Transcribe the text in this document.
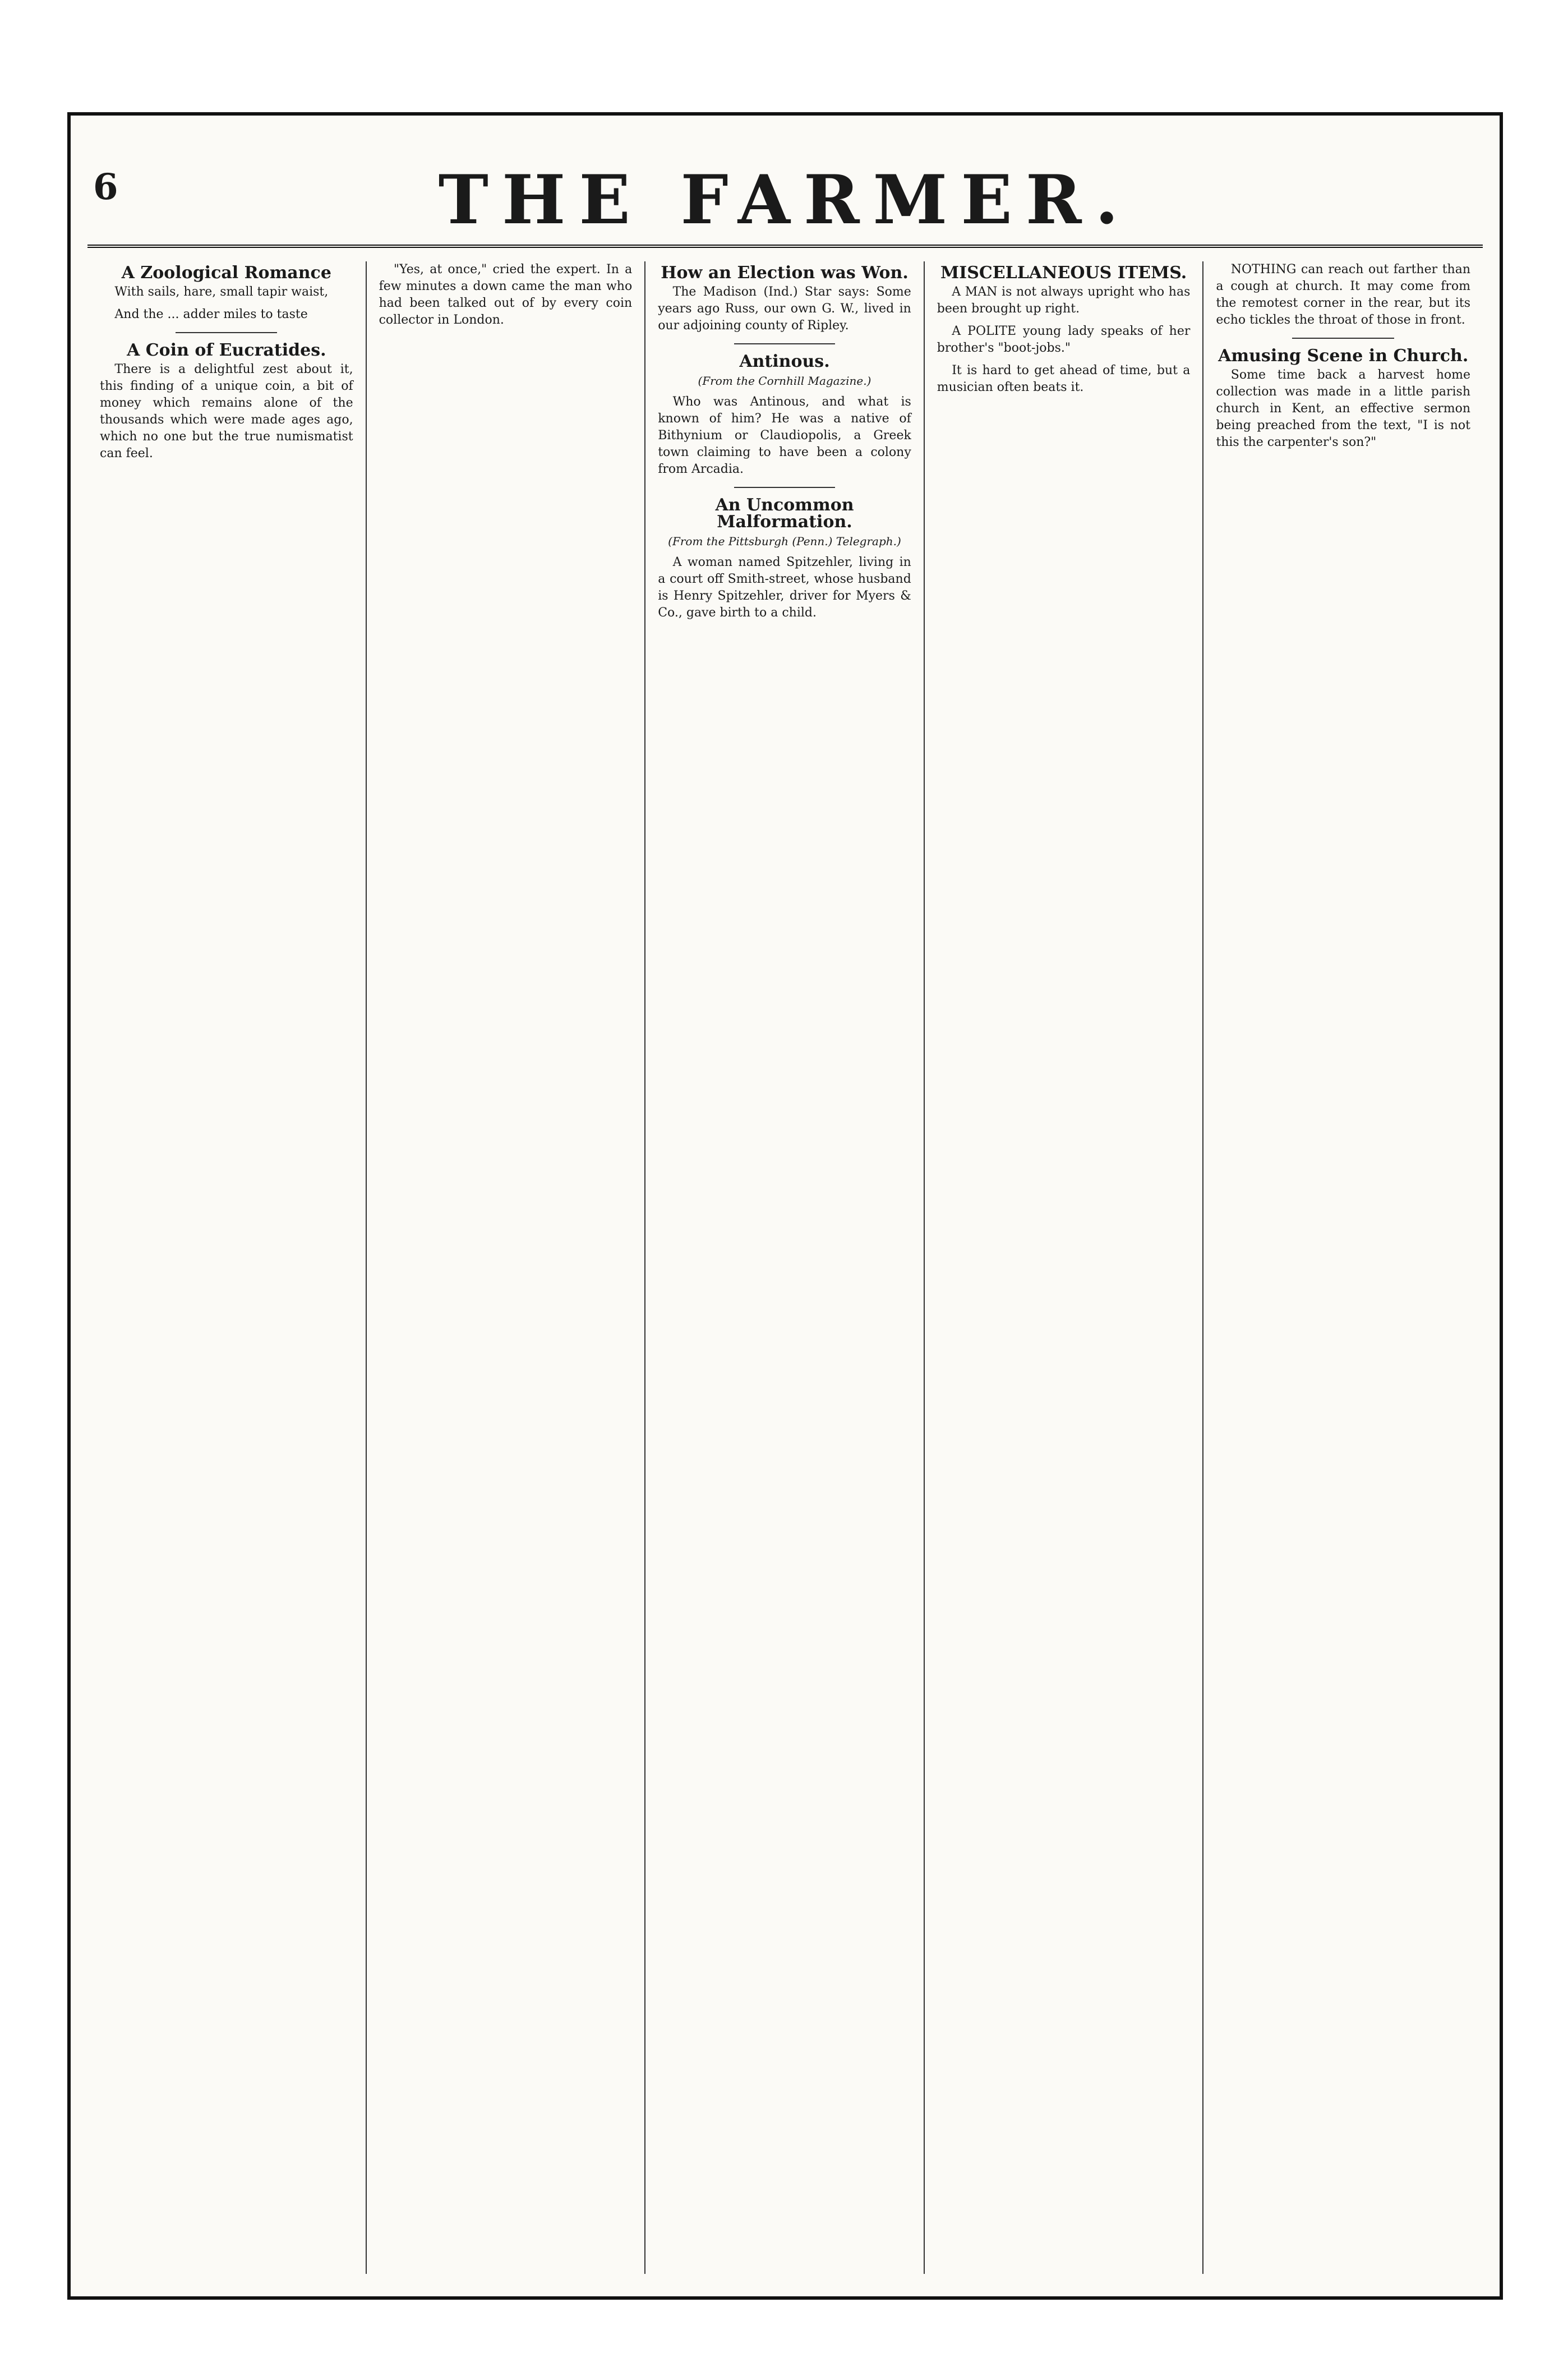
6	THE FARMER.
A Zoological Romance

With sails, hare, small tapir waist,

And the ... adder miles to taste

A Coin of Eucratides.

There is a delightful zest about it, this finding of a unique coin, a bit of money which remains alone of the thousands which were made ages ago, which no one but the true numismatist can feel.

"Yes, at once," cried the expert. In a few minutes a down came the man who had been talked out of by every coin collector in London.

How an Election was Won.

The Madison (Ind.) Star says: Some years ago Russ, our own G. W., lived in our adjoining county of Ripley.

Antinous.
(From the Cornhill Magazine.)

Who was Antinous, and what is known of him? He was a native of Bithynium or Claudiopolis, a Greek town claiming to have been a colony from Arcadia.

An Uncommon Malformation.
(From the Pittsburgh (Penn.) Telegraph.)

A woman named Spitzehler, living in a court off Smith-street, whose husband is Henry Spitzehler, driver for Myers & Co., gave birth to a child.

MISCELLANEOUS ITEMS.

A MAN is not always upright who has been brought up right.

A POLITE young lady speaks of her brother's "boot-jobs."

It is hard to get ahead of time, but a musician often beats it.

NOTHING can reach out farther than a cough at church. It may come from the remotest corner in the rear, but its echo tickles the throat of those in front.

Amusing Scene in Church.

Some time back a harvest home collection was made in a little parish church in Kent, an effective sermon being preached from the text, "I is not this the carpenter's son?"
